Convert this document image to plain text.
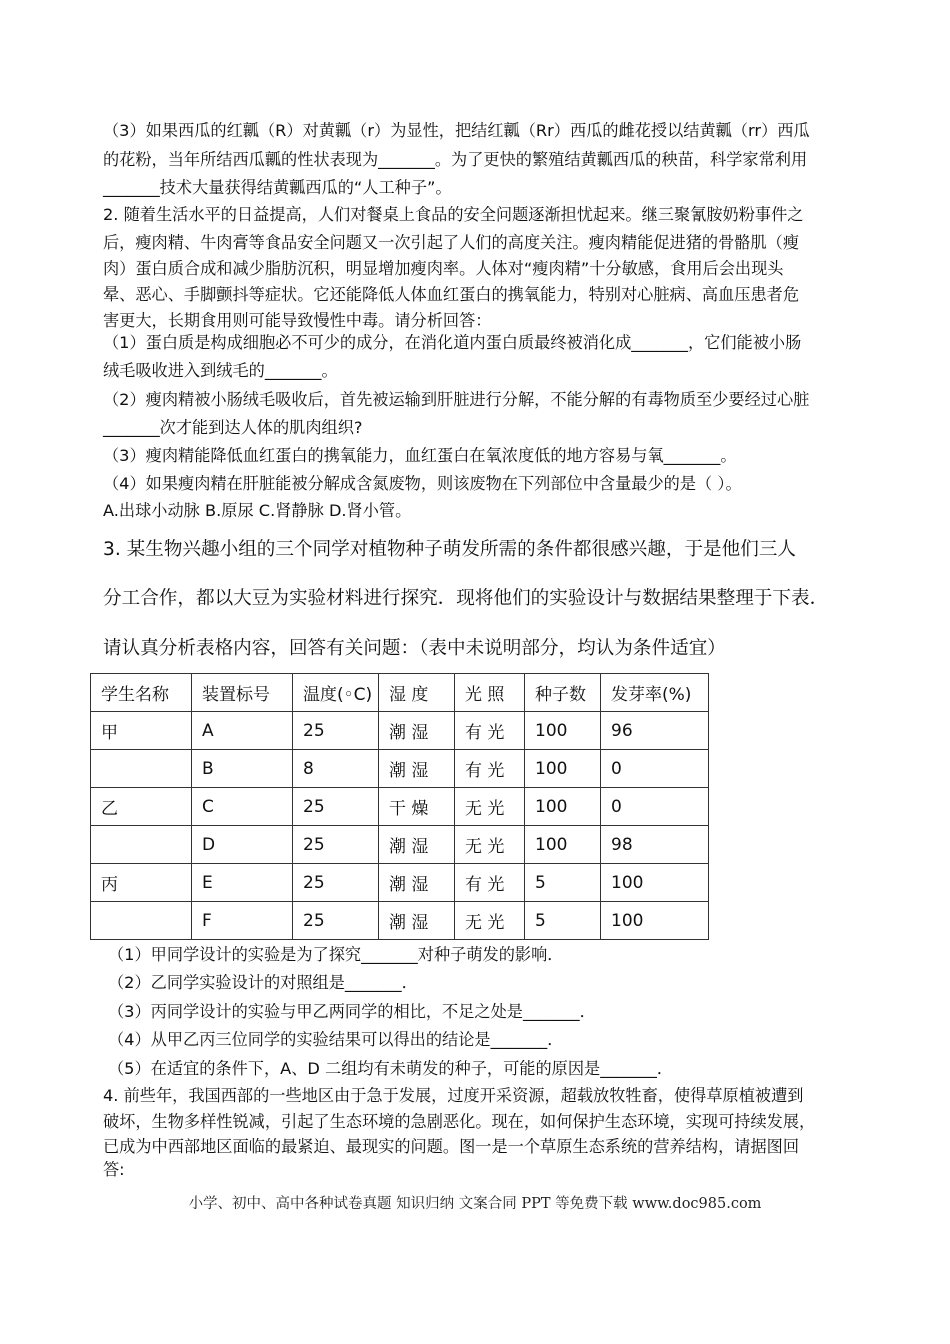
（3）如果西瓜的红瓤（R）对黄瓤（r）为显性，把结红瓤（Rr）西瓜的雌花授以结黄瓤（rr）西瓜
的花粉，当年所结西瓜瓤的性状表现为_______。为了更快的繁殖结黄瓤西瓜的秧苗，科学家常利用
_______技术大量获得结黄瓤西瓜的“人工种子”。
2. 随着生活水平的日益提高，人们对餐桌上食品的安全问题逐渐担忧起来。继三聚氰胺奶粉事件之
后，瘦肉精、牛肉膏等食品安全问题又一次引起了人们的高度关注。瘦肉精能促进猪的骨骼肌（瘦
肉）蛋白质合成和减少脂肪沉积，明显增加瘦肉率。人体对“瘦肉精”十分敏感，食用后会出现头
晕、恶心、手脚颤抖等症状。它还能降低人体血红蛋白的携氧能力，特别对心脏病、高血压患者危
害更大，长期食用则可能导致慢性中毒。请分析回答：
（1）蛋白质是构成细胞必不可少的成分，在消化道内蛋白质最终被消化成_______，它们能被小肠
绒毛吸收进入到绒毛的_______。
（2）瘦肉精被小肠绒毛吸收后，首先被运输到肝脏进行分解，不能分解的有毒物质至少要经过心脏
_______次才能到达人体的肌肉组织?
（3）瘦肉精能降低血红蛋白的携氧能力，血红蛋白在氧浓度低的地方容易与氧_______。
（4）如果瘦肉精在肝脏能被分解成含氮废物，则该废物在下列部位中含量最少的是（ ）。
A.出球小动脉 B.原尿 C.肾静脉 D.肾小管。
3. 某生物兴趣小组的三个同学对植物种子萌发所需的条件都很感兴趣，于是他们三人
分工合作，都以大豆为实验材料进行探究．现将他们的实验设计与数据结果整理于下表．
请认真分析表格内容，回答有关问题：（表中未说明部分，均认为条件适宜）
学生名称	装置标号	温度(◦C)	湿 度	光 照	种子数	发芽率(%)
甲	A	25	潮 湿	有 光	100	96
	B	8	潮 湿	有 光	100	0
乙	C	25	干 燥	无 光	100	0
	D	25	潮 湿	无 光	100	98
丙	E	25	潮 湿	有 光	5	100
	F	25	潮 湿	无 光	5	100
（1）甲同学设计的实验是为了探究_______对种子萌发的影响．
（2）乙同学实验设计的对照组是_______．
（3）丙同学设计的实验与甲乙两同学的相比，不足之处是_______．
（4）从甲乙丙三位同学的实验结果可以得出的结论是_______．
（5）在适宜的条件下，A、D 二组均有未萌发的种子，可能的原因是_______．
4. 前些年，我国西部的一些地区由于急于发展，过度开采资源，超载放牧牲畜，使得草原植被遭到
破坏，生物多样性锐减，引起了生态环境的急剧恶化。现在，如何保护生态环境，实现可持续发展，
已成为中西部地区面临的最紧迫、最现实的问题。图一是一个草原生态系统的营养结构，请据图回
答:
小学、初中、高中各种试卷真题 知识归纳 文案合同 PPT 等免费下载 www.doc985.com
